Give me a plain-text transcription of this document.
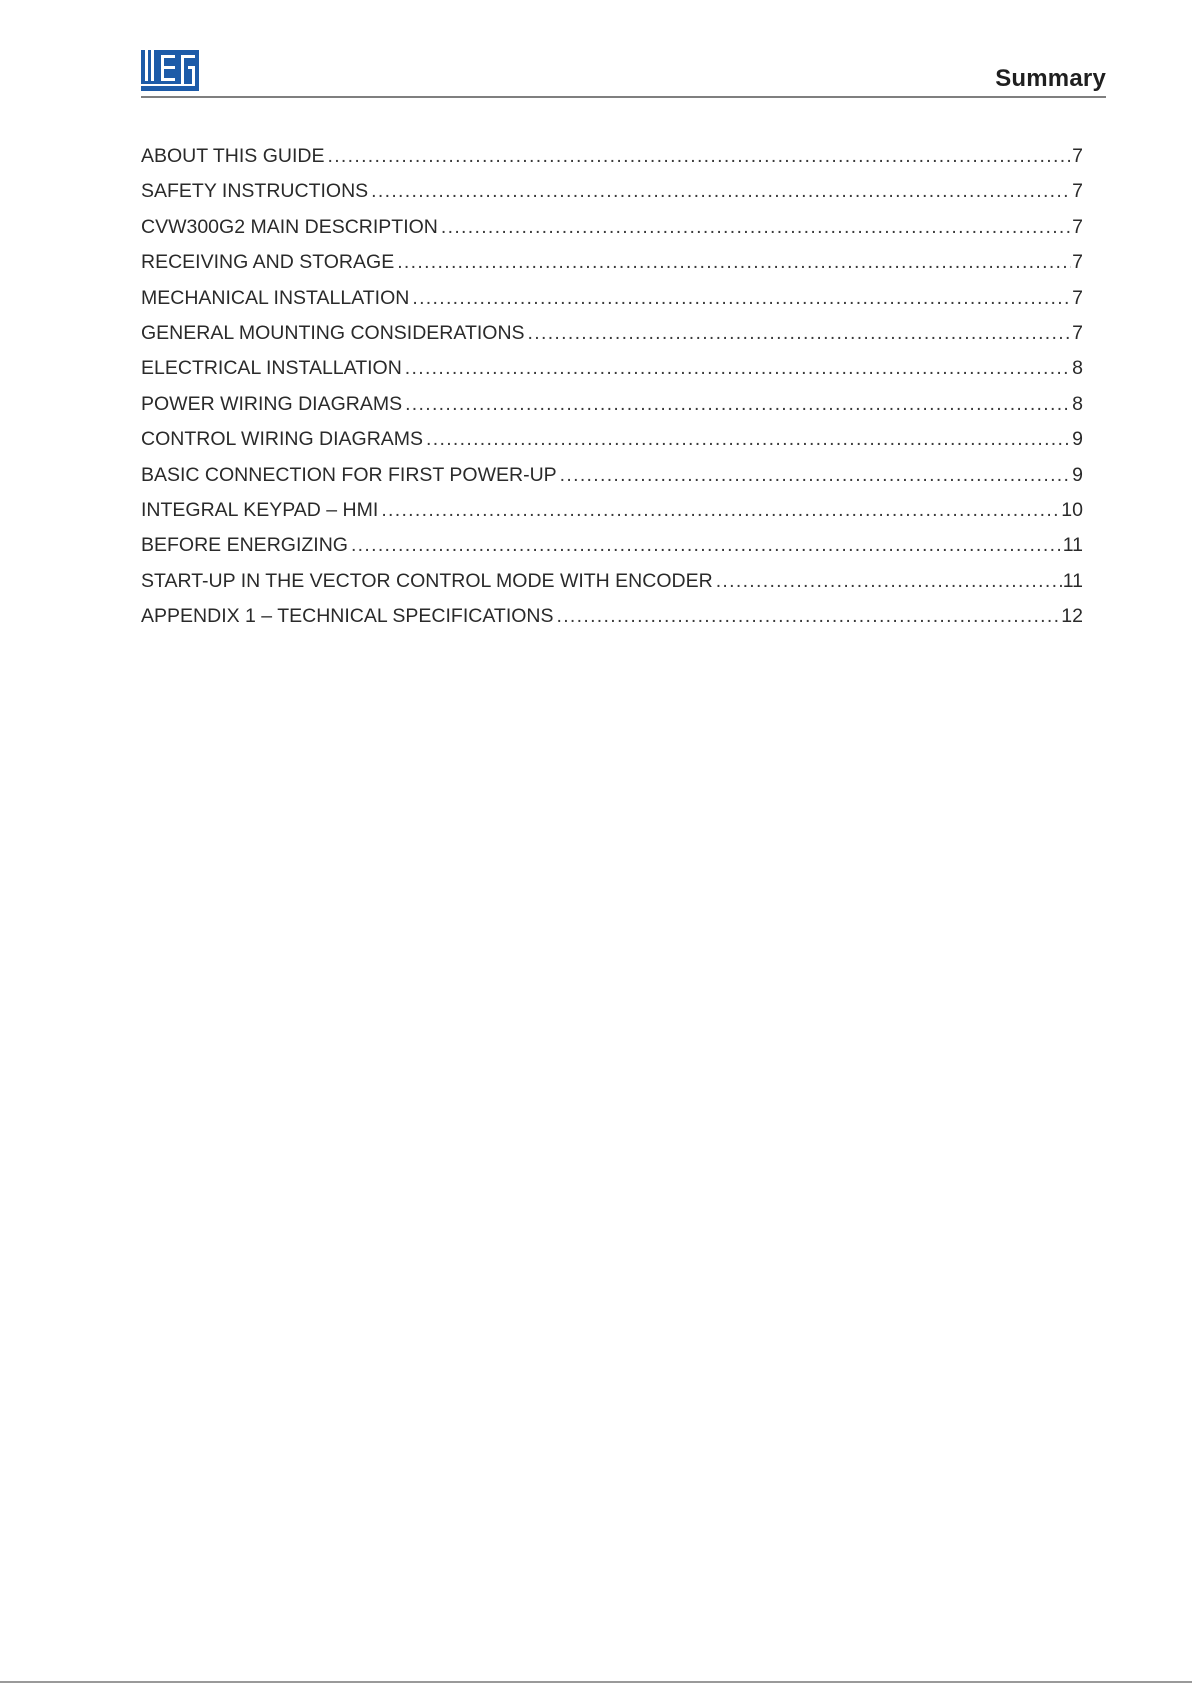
Summary
ABOUT THIS GUIDE .....	7
SAFETY INSTRUCTIONS .....	7
CVW300G2 MAIN DESCRIPTION .....	7
RECEIVING AND STORAGE .....	7
MECHANICAL INSTALLATION .....	7
GENERAL MOUNTING CONSIDERATIONS .....	7
ELECTRICAL INSTALLATION .....	8
POWER WIRING DIAGRAMS .....	8
CONTROL WIRING DIAGRAMS .....	9
BASIC CONNECTION FOR FIRST POWER-UP .....	9
INTEGRAL KEYPAD – HMI .....	10
BEFORE ENERGIZING .....	11
START-UP IN THE VECTOR CONTROL MODE WITH ENCODER .....	11
APPENDIX 1 – TECHNICAL SPECIFICATIONS .....	12
